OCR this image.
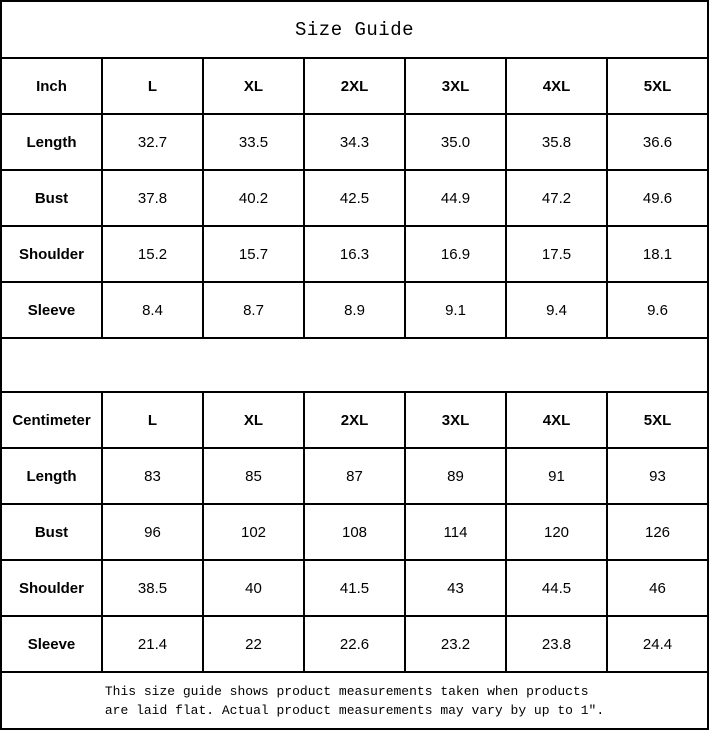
Size Guide
Inch	L	XL	2XL	3XL	4XL	5XL
Length	32.7	33.5	34.3	35.0	35.8	36.6
Bust	37.8	40.2	42.5	44.9	47.2	49.6
Shoulder	15.2	15.7	16.3	16.9	17.5	18.1
Sleeve	8.4	8.7	8.9	9.1	9.4	9.6
Centimeter	L	XL	2XL	3XL	4XL	5XL
Length	83	85	87	89	91	93
Bust	96	102	108	114	120	126
Shoulder	38.5	40	41.5	43	44.5	46
Sleeve	21.4	22	22.6	23.2	23.8	24.4
This size guide shows product measurements taken when products
are laid flat. Actual product measurements may vary by up to 1″.
